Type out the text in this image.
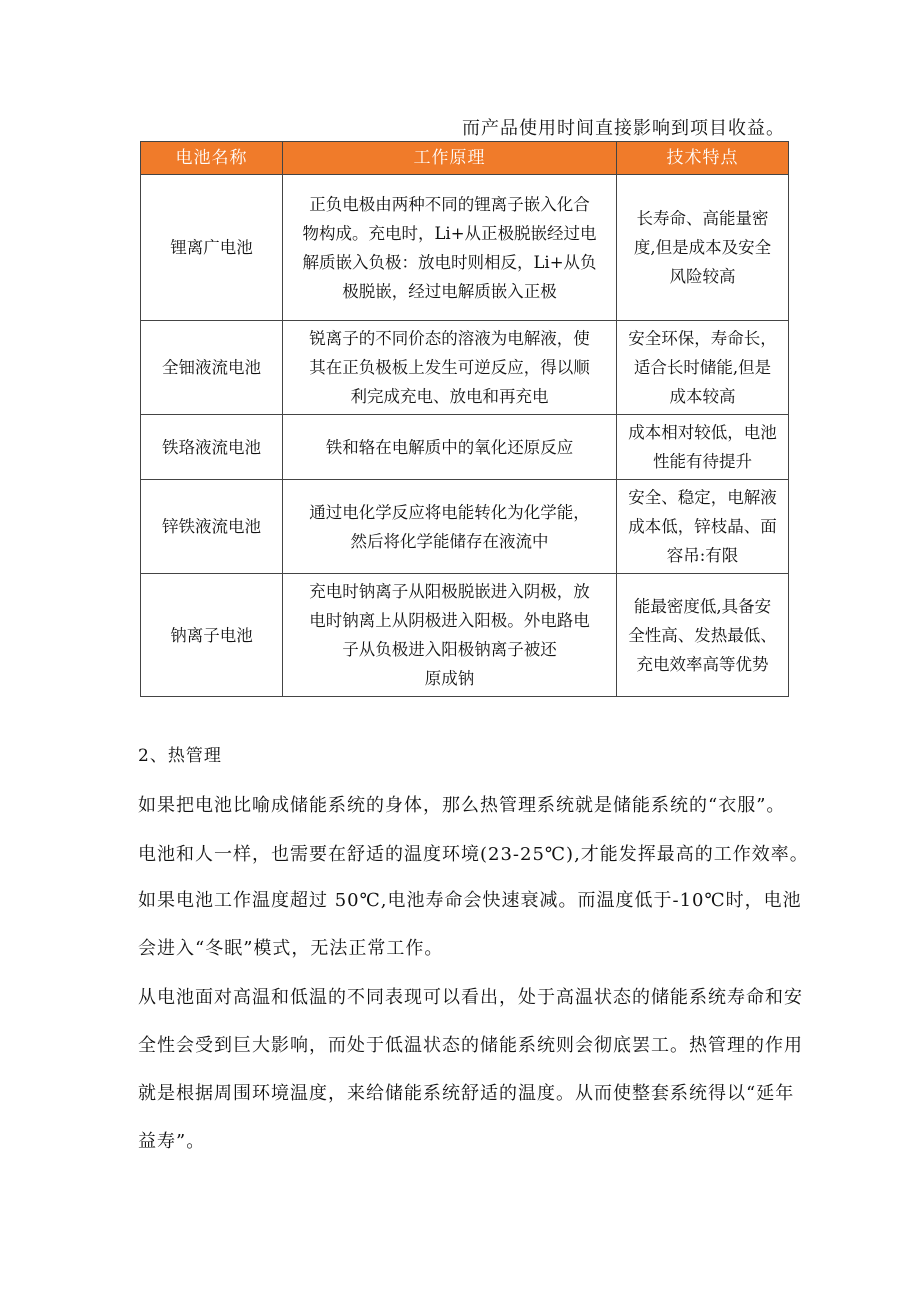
而产品使用时间直接影响到项目收益。
电池名称	工作原理	技术特点
锂离广电池	正负电极由两种不同的锂离子嵌入化合
物构成。充电时，Li+从正极脱嵌经过电
解质嵌入负极：放电时则相反，Li+从负
极脱嵌，经过电解质嵌入正极	长寿命、高能量密
度,但是成本及安全
风险较高

全钿液流电池	锐离子的不同价态的溶液为电解液，使
其在正负极板上发生可逆反应，得以顺
利完成充电、放电和再充电	安全环保，寿命长，
适合长时储能,但是
成本较高

铁珞液流电池	铁和辂在电解质中的氧化还原反应	成本相对较低，电池
性能有待提升

锌铁液流电池	通过电化学反应将电能转化为化学能，
然后将化学能储存在液流中	安全、稳定，电解液
成本低，锌枝晶、面
容吊:有限

钠离子电池	充电时钠离子从阳极脱嵌进入阴极，放
电时钠离上从阴极进入阳极。外电路电
子从负极进入阳极钠离子被还
原成钠	能最密度低,具备安
全性高、发热最低、
充电效率高等优势
2、热管理
如果把电池比喻成储能系统的身体，那么热管理系统就是储能系统的“衣服”。
电池和人一样，也需要在舒适的温度环境(23-25℃),才能发挥最高的工作效率。
如果电池工作温度超过 50℃,电池寿命会快速衰减。而温度低于-10℃时，电池
会进入“冬眠”模式，无法正常工作。
从电池面对高温和低温的不同表现可以看出，处于高温状态的储能系统寿命和安
全性会受到巨大影响，而处于低温状态的储能系统则会彻底罢工。热管理的作用
就是根据周围环境温度，来给储能系统舒适的温度。从而使整套系统得以“延年
益寿”。
